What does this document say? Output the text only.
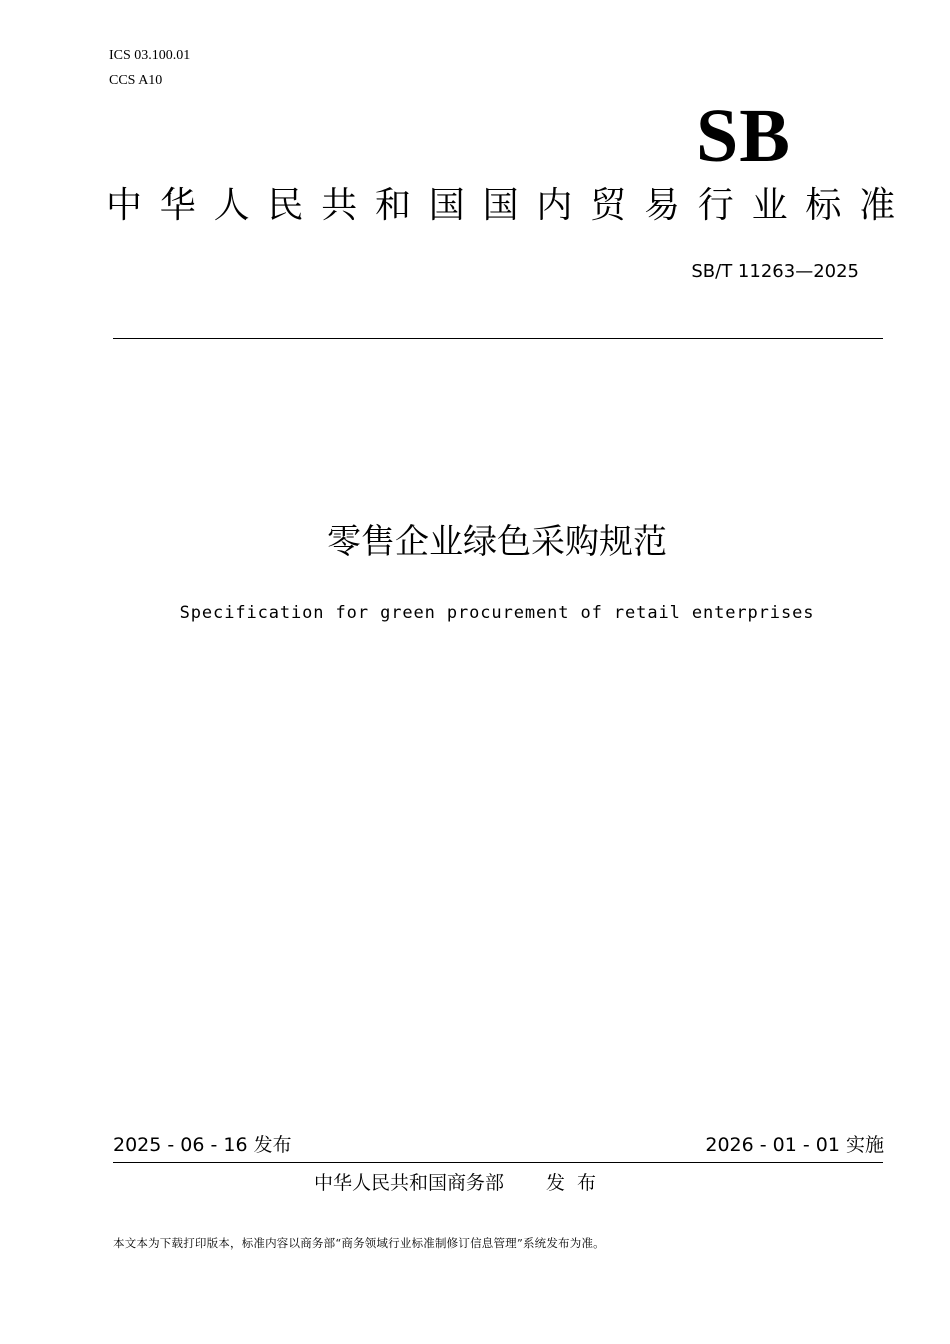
ICS 03.100.01
CCS A10
SB
中华人民共和国国内贸易行业标准
SB/T 11263—2025
零售企业绿色采购规范
Specification for green procurement of retail enterprises
2025 - 06 - 16 发布	2026 - 01 - 01 实施
中华人民共和国商务部 发布
本文本为下载打印版本，标准内容以商务部“商务领域行业标准制修订信息管理”系统发布为准。
